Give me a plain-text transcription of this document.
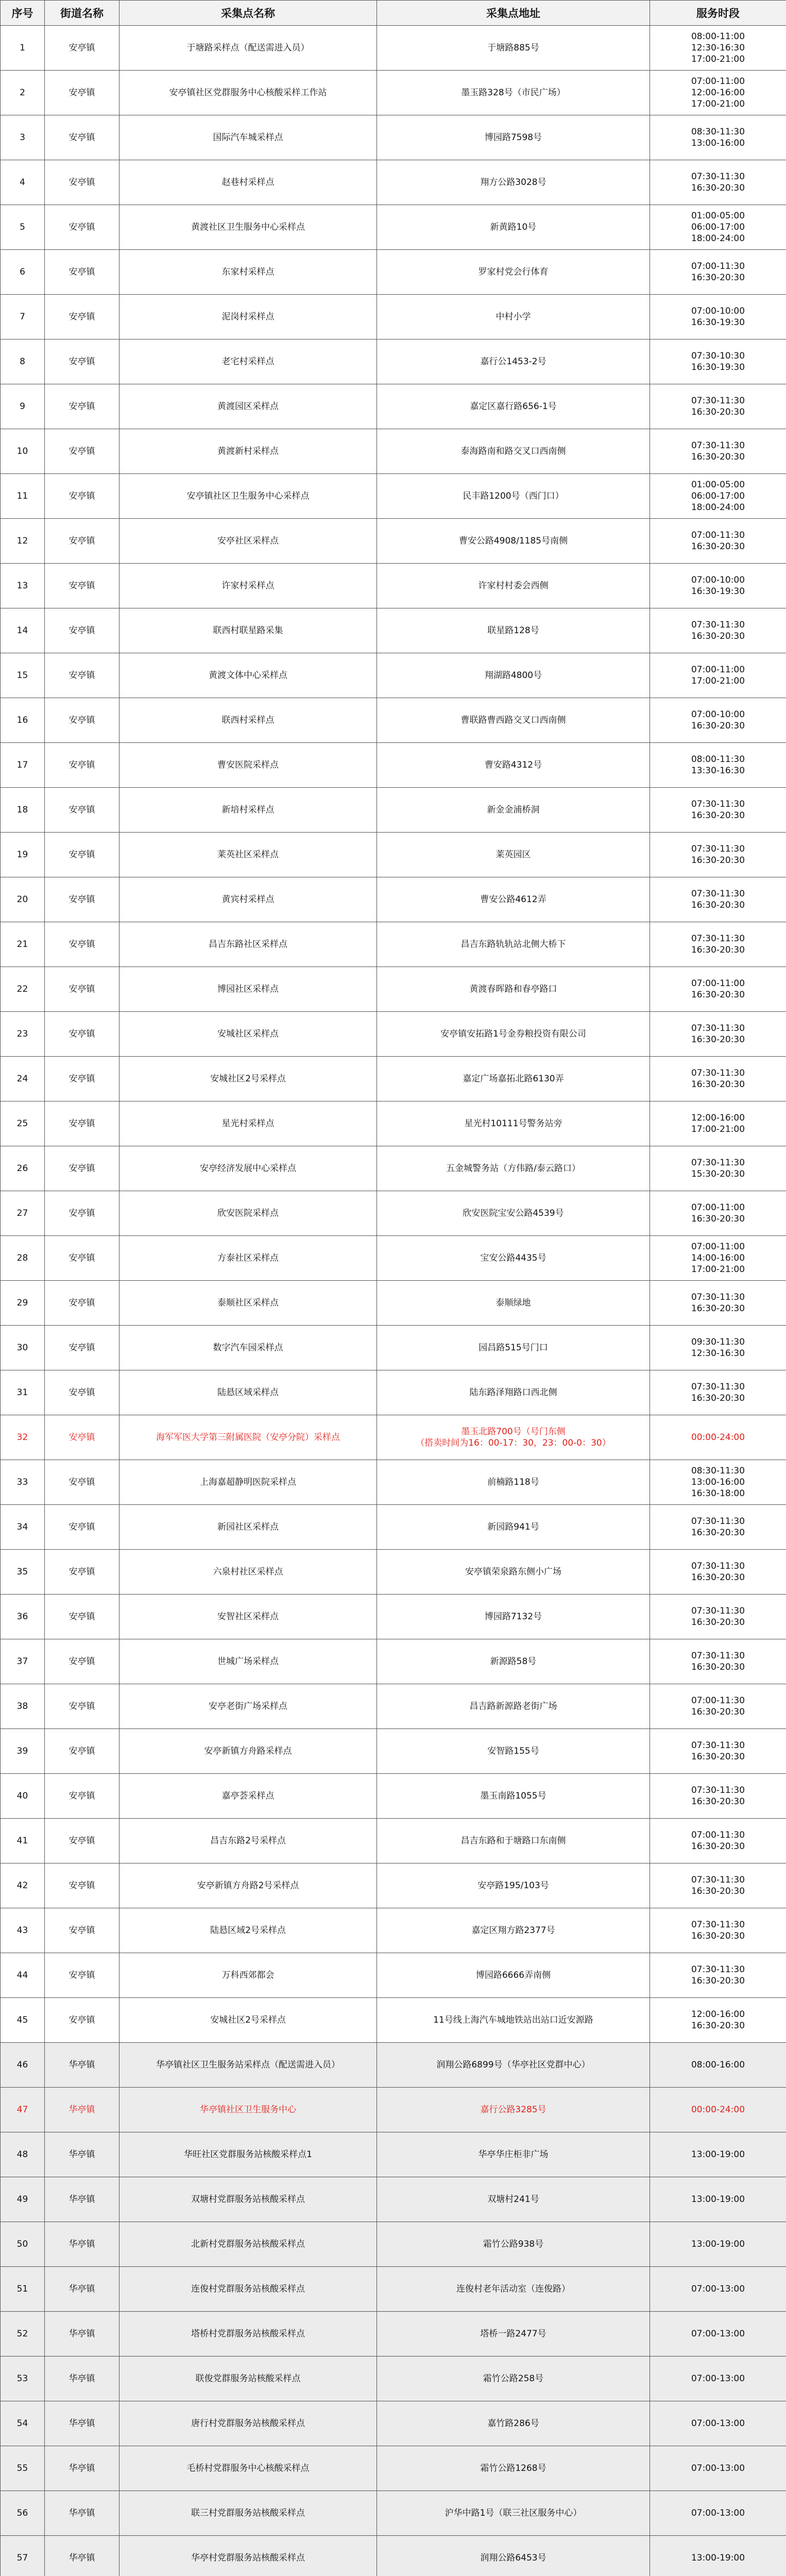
序号	街道名称	采集点名称	采集点地址	服务时段
1	安亭镇	于塘路采样点（配送需进入员）	于塘路885号	08:00-11:00
12:30-16:30
17:00-21:00

2	安亭镇	安亭镇社区党群服务中心核酸采样工作站	墨玉路328号（市民广场）	07:00-11:00
12:00-16:00
17:00-21:00

3	安亭镇	国际汽车城采样点	博园路7598号	08:30-11:30
13:00-16:00

4	安亭镇	赵巷村采样点	翔方公路3028号	07:30-11:30
16:30-20:30

5	安亭镇	黄渡社区卫生服务中心采样点	新黄路10号	01:00-05:00
06:00-17:00
18:00-24:00

6	安亭镇	东家村采样点	罗家村党会行体育	07:00-11:30
16:30-20:30

7	安亭镇	泥岗村采样点	中村小学	07:00-10:00
16:30-19:30

8	安亭镇	老宅村采样点	嘉行公1453-2号	07:30-10:30
16:30-19:30

9	安亭镇	黄渡园区采样点	嘉定区嘉行路656-1号	07:30-11:30
16:30-20:30

10	安亭镇	黄渡新村采样点	泰海路南和路交叉口西南侧	07:30-11:30
16:30-20:30

11	安亭镇	安亭镇社区卫生服务中心采样点	民丰路1200号（西门口）	01:00-05:00
06:00-17:00
18:00-24:00

12	安亭镇	安亭社区采样点	曹安公路4908/1185号南侧	07:00-11:30
16:30-20:30

13	安亭镇	许家村采样点	许家村村委会西侧	07:00-10:00
16:30-19:30

14	安亭镇	联西村联星路采集	联星路128号	07:30-11:30
16:30-20:30

15	安亭镇	黄渡文体中心采样点	翔湖路4800号	07:00-11:00
17:00-21:00

16	安亭镇	联西村采样点	曹联路曹西路交叉口西南侧	07:00-10:00
16:30-20:30

17	安亭镇	曹安医院采样点	曹安路4312号	08:00-11:30
13:30-16:30

18	安亭镇	新培村采样点	新金金浦桥洞	07:30-11:30
16:30-20:30

19	安亭镇	莱英社区采样点	莱英园区	07:30-11:30
16:30-20:30

20	安亭镇	黄宾村采样点	曹安公路4612弄	07:30-11:30
16:30-20:30

21	安亭镇	昌吉东路社区采样点	昌吉东路轨轨站北侧大桥下	07:30-11:30
16:30-20:30

22	安亭镇	博园社区采样点	黄渡春晖路和春亭路口	07:00-11:00
16:30-20:30

23	安亭镇	安城社区采样点	安亭镇安拓路1号金券粮投资有限公司	07:30-11:30
16:30-20:30

24	安亭镇	安城社区2号采样点	嘉定广场嘉拓北路6130弄	07:30-11:30
16:30-20:30

25	安亭镇	星光村采样点	星光村10111号警务站旁	12:00-16:00
17:00-21:00

26	安亭镇	安亭经济发展中心采样点	五金城警务站（方伟路/泰云路口）	07:30-11:30
15:30-20:30

27	安亭镇	欣安医院采样点	欣安医院宝安公路4539号	07:00-11:00
16:30-20:30

28	安亭镇	方泰社区采样点	宝安公路4435号	07:00-11:00
14:00-16:00
17:00-21:00

29	安亭镇	泰顺社区采样点	泰顺绿地	07:30-11:30
16:30-20:30

30	安亭镇	数字汽车园采样点	园昌路515号门口	09:30-11:30
12:30-16:30

31	安亭镇	陆悬区域采样点	陆东路泽翔路口西北侧	07:30-11:30
16:30-20:30

32	安亭镇	海军军医大学第三附属医院（安亭分院）采样点	墨玉北路700号（号门东侧
（搭卖时间为16：00-17：30，23：00-0：30）	00:00-24:00

33	安亭镇	上海嘉超静明医院采样点	前楠路118号	08:30-11:30
13:00-16:00
16:30-18:00

34	安亭镇	新园社区采样点	新园路941号	07:30-11:30
16:30-20:30

35	安亭镇	六泉村社区采样点	安亭镇荣泉路东侧小广场	07:30-11:30
16:30-20:30

36	安亭镇	安智社区采样点	博园路7132号	07:30-11:30
16:30-20:30

37	安亭镇	世城广场采样点	新源路58号	07:30-11:30
16:30-20:30

38	安亭镇	安亭老街广场采样点	昌吉路新源路老街广场	07:00-11:30
16:30-20:30

39	安亭镇	安亭新镇方舟路采样点	安智路155号	07:30-11:30
16:30-20:30

40	安亭镇	嘉亭荟采样点	墨玉南路1055号	07:30-11:30
16:30-20:30

41	安亭镇	昌吉东路2号采样点	昌吉东路和于塘路口东南侧	07:00-11:30
16:30-20:30

42	安亭镇	安亭新镇方舟路2号采样点	安亭路195/103号	07:30-11:30
16:30-20:30

43	安亭镇	陆悬区域2号采样点	嘉定区翔方路2377号	07:30-11:30
16:30-20:30

44	安亭镇	万科西郊都会	博园路6666弄南侧	07:30-11:30
16:30-20:30

45	安亭镇	安城社区2号采样点	11号线上海汽车城地铁站出站口近安源路	12:00-16:00
16:30-20:30

46	华亭镇	华亭镇社区卫生服务站采样点（配送需进入员）	润翔公路6899号（华亭社区党群中心）	08:00-16:00

47	华亭镇	华亭镇社区卫生服务中心	嘉行公路3285号	00:00-24:00

48	华亭镇	华旺社区党群服务站核酸采样点1	华亭华庄柜非广场	13:00-19:00

49	华亭镇	双塘村党群服务站核酸采样点	双塘村241号	13:00-19:00

50	华亭镇	北新村党群服务站核酸采样点	霜竹公路938号	13:00-19:00

51	华亭镇	连俊村党群服务站核酸采样点	连俊村老年活动室（连俊路）	07:00-13:00

52	华亭镇	塔桥村党群服务站核酸采样点	塔桥一路2477号	07:00-13:00

53	华亭镇	联俊党群服务站核酸采样点	霜竹公路258号	07:00-13:00

54	华亭镇	唐行村党群服务站核酸采样点	嘉竹路286号	07:00-13:00

55	华亭镇	毛桥村党群服务中心核酸采样点	霜竹公路1268号	07:00-13:00

56	华亭镇	联三村党群服务站核酸采样点	沪华中路1号（联三社区服务中心）	07:00-13:00

57	华亭镇	华亭村党群服务站核酸采样点	润翔公路6453号	13:00-19:00
